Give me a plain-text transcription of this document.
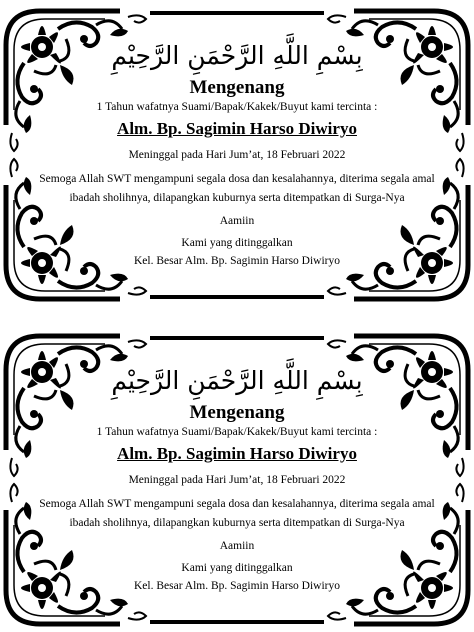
بِسْمِ اللَّهِ الرَّحْمَنِ الرَّحِيْمِ
Mengenang
1 Tahun wafatnya Suami/Bapak/Kakek/Buyut kami tercinta :
Alm. Bp. Sagimin Harso Diwiryo
Meninggal pada Hari Jum’at, 18 Februari 2022
Semoga Allah SWT mengampuni segala dosa dan kesalahannya, diterima segala amal
ibadah sholihnya, dilapangkan kuburnya serta ditempatkan di Surga-Nya
Aamiin
Kami yang ditinggalkan
Kel. Besar Alm. Bp. Sagimin Harso Diwiryo
بِسْمِ اللَّهِ الرَّحْمَنِ الرَّحِيْمِ
Mengenang
1 Tahun wafatnya Suami/Bapak/Kakek/Buyut kami tercinta :
Alm. Bp. Sagimin Harso Diwiryo
Meninggal pada Hari Jum’at, 18 Februari 2022
Semoga Allah SWT mengampuni segala dosa dan kesalahannya, diterima segala amal
ibadah sholihnya, dilapangkan kuburnya serta ditempatkan di Surga-Nya
Aamiin
Kami yang ditinggalkan
Kel. Besar Alm. Bp. Sagimin Harso Diwiryo
